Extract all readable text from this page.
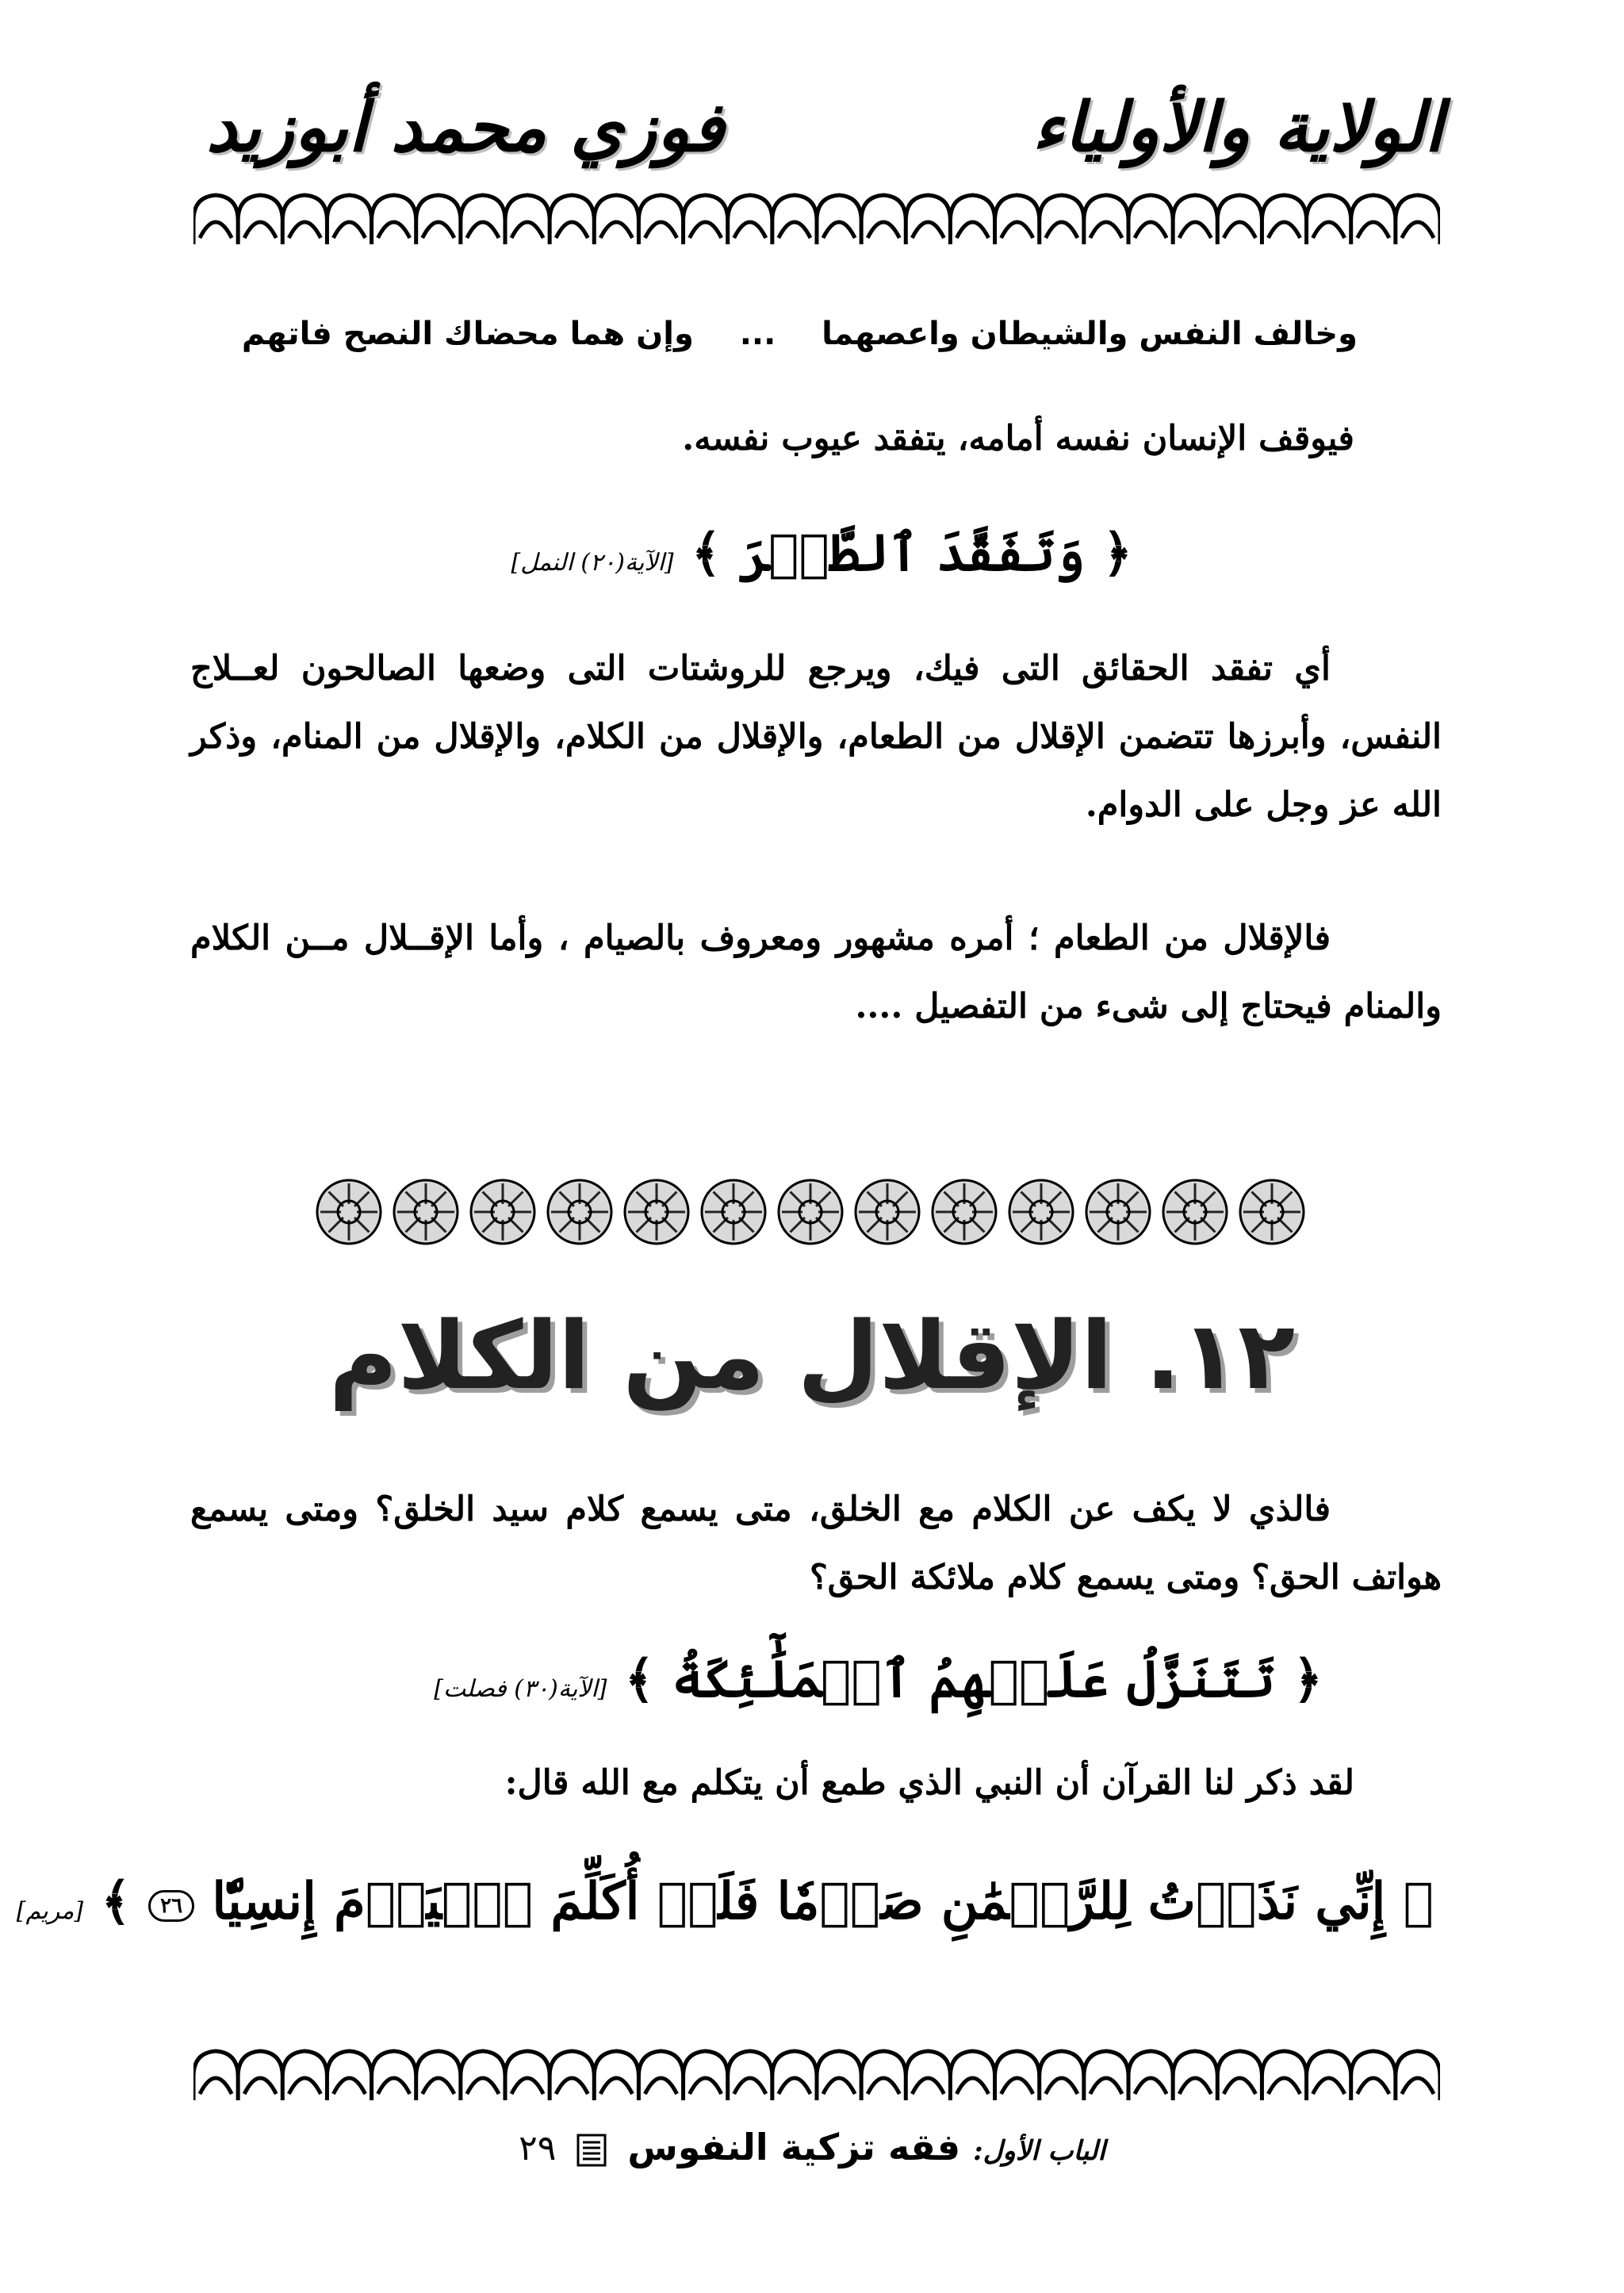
الولاية والأولياء
فوزي محمد أبوزيد
وخالف النفس والشيطان واعصهما  ...  وإن هما محضاك النصح فاتهم
فيوقف الإنسان نفسه أمامه، يتفقد عيوب نفسه.
﴿ وَتَفَقَّدَ ٱلطَّيۡرَ ﴾ [الآية(٢٠) النمل]
أي تفقد الحقائق التى فيك، ويرجع للروشتات التى وضعها الصالحون لعــلاج النفس، وأبرزها تتضمن الإقلال من الطعام، والإقلال من الكلام، والإقلال من المنام، وذكر الله عز وجل على الدوام.
فالإقلال من الطعام ؛ أمره مشهور ومعروف بالصيام ، وأما الإقــلال مــن الكلام والمنام فيحتاج إلى شىء من التفصيل ....
١٢. الإقلال من الكلام
فالذي لا يكف عن الكلام مع الخلق، متى يسمع كلام سيد الخلق؟ ومتى يسمع هواتف الحق؟ ومتى يسمع كلام ملائكة الحق؟
﴿ تَتَنَزَّلُ عَلَيۡهِمُ ٱلۡمَلَٰٓئِكَةُ ﴾ [الآية(٣٠) فصلت]
لقد ذكر لنا القرآن أن النبي الذي طمع أن يتكلم مع الله قال:
﴿ إِنِّي نَذَرۡتُ لِلرَّحۡمَٰنِ صَوۡمٗا فَلَنۡ أُكَلِّمَ ٱلۡيَوۡمَ إِنسِيّٗا ٢٦ ﴾ [مريم]
الباب الأول: فقه تزكية النفوس  ٢٩
